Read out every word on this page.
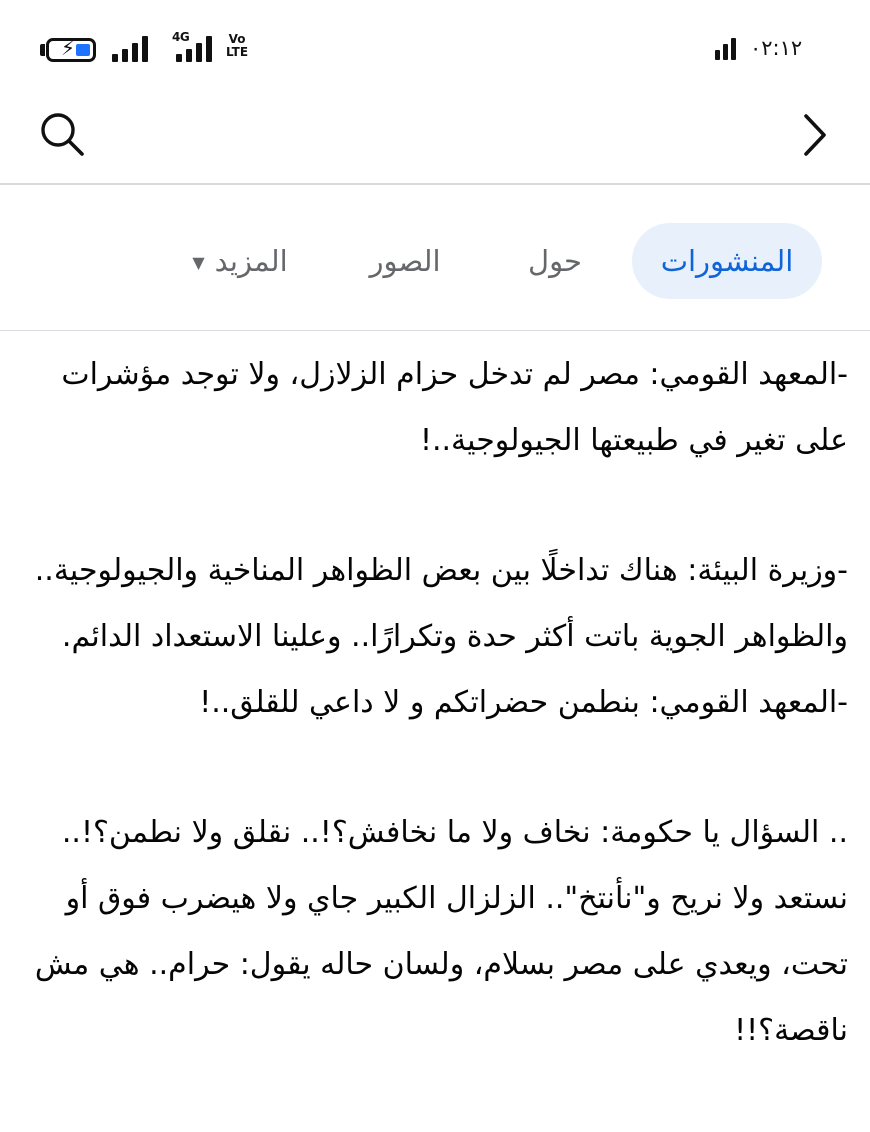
⚡	4G	Vo
LTE	٠٢:١٢
المنشورات
حول
الصور
المزيد▼

-المعهد القومي: مصر لم تدخل حزام الزلازل، ولا توجد مؤشرات على تغير في طبيعتها الجيولوجية..!

-وزيرة البيئة: هناك تداخلًا بين بعض الظواهر المناخية والجيولوجية.. والظواهر الجوية باتت أكثر حدة وتكرارًا.. وعلينا الاستعداد الدائم.

-المعهد القومي: بنطمن حضراتكم و لا داعي للقلق..!

.. السؤال يا حكومة: نخاف ولا ما نخافش؟!.. نقلق ولا نطمن؟!.. نستعد ولا نريح و"نأنتخ".. الزلزال الكبير جاي ولا هيضرب فوق أو تحت، ويعدي على مصر بسلام، ولسان حاله يقول: حرام.. هي مش ناقصة؟!!
